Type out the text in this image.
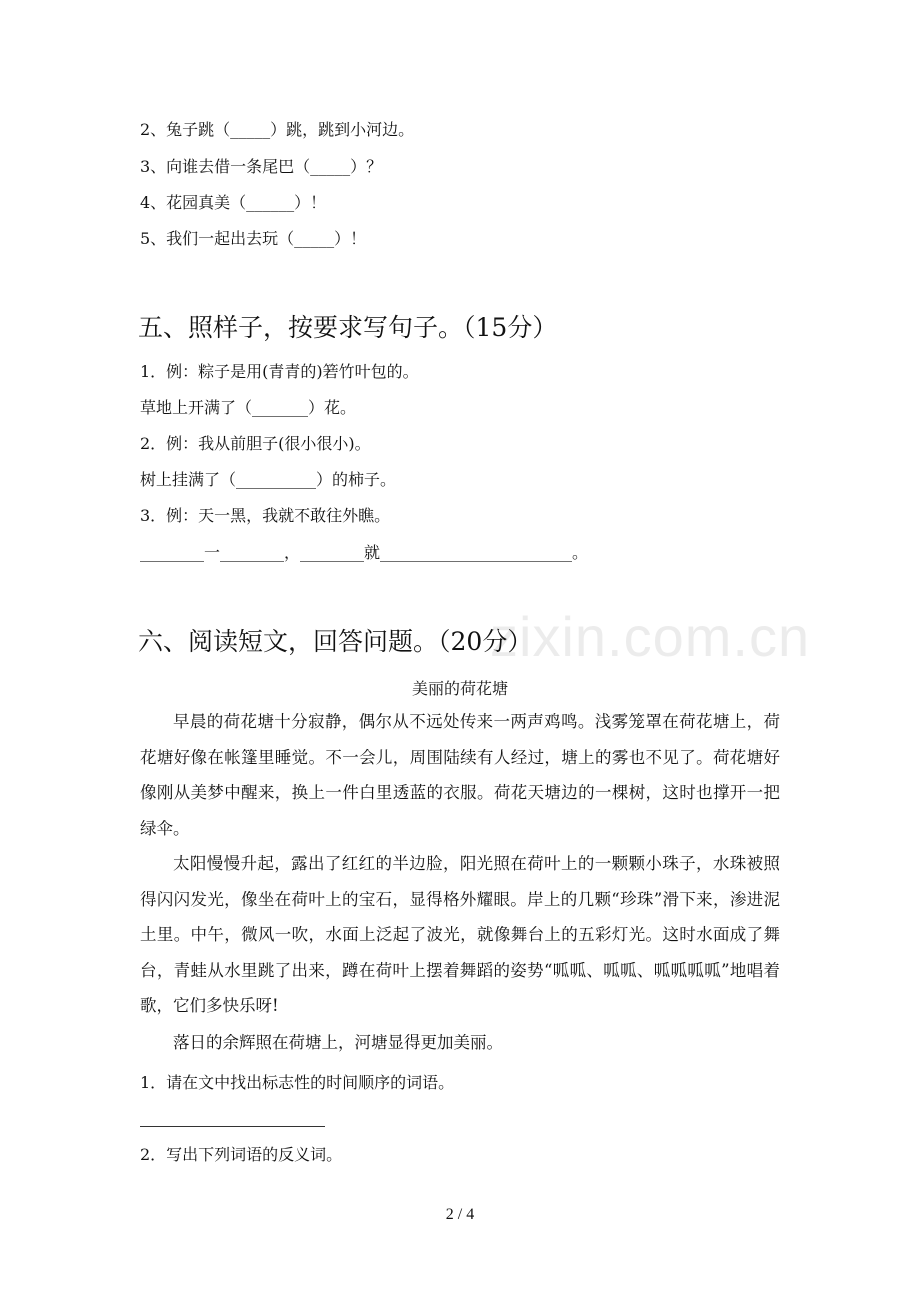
2、兔子跳（_____）跳，跳到小河边。
3、向谁去借一条尾巴（_____）？
4、花园真美（______）！
5、我们一起出去玩（_____）！
五、照样子，按要求写句子。（15分）
1．例：粽子是用(青青的)箬竹叶包的。
草地上开满了（_______）花。
2．例：我从前胆子(很小很小)。
树上挂满了（__________）的柿子。
3．例：天一黑，我就不敢往外瞧。
________一________，________就________________________。
zixin.com.cn
六、阅读短文，回答问题。（20分）
美丽的荷花塘
早晨的荷花塘十分寂静，偶尔从不远处传来一两声鸡鸣。浅雾笼罩在荷花塘上，荷花塘好像在帐篷里睡觉。不一会儿，周围陆续有人经过，塘上的雾也不见了。荷花塘好像刚从美梦中醒来，换上一件白里透蓝的衣服。荷花天塘边的一棵树，这时也撑开一把绿伞。
太阳慢慢升起，露出了红红的半边脸，阳光照在荷叶上的一颗颗小珠子，水珠被照得闪闪发光，像坐在荷叶上的宝石，显得格外耀眼。岸上的几颗“珍珠”滑下来，渗进泥土里。中午，微风一吹，水面上泛起了波光，就像舞台上的五彩灯光。这时水面成了舞台，青蛙从水里跳了出来，蹲在荷叶上摆着舞蹈的姿势“呱呱、呱呱、呱呱呱呱”地唱着歌，它们多快乐呀!
落日的余辉照在荷塘上，河塘显得更加美丽。
1．请在文中找出标志性的时间顺序的词语。
2．写出下列词语的反义词。
2 / 4
